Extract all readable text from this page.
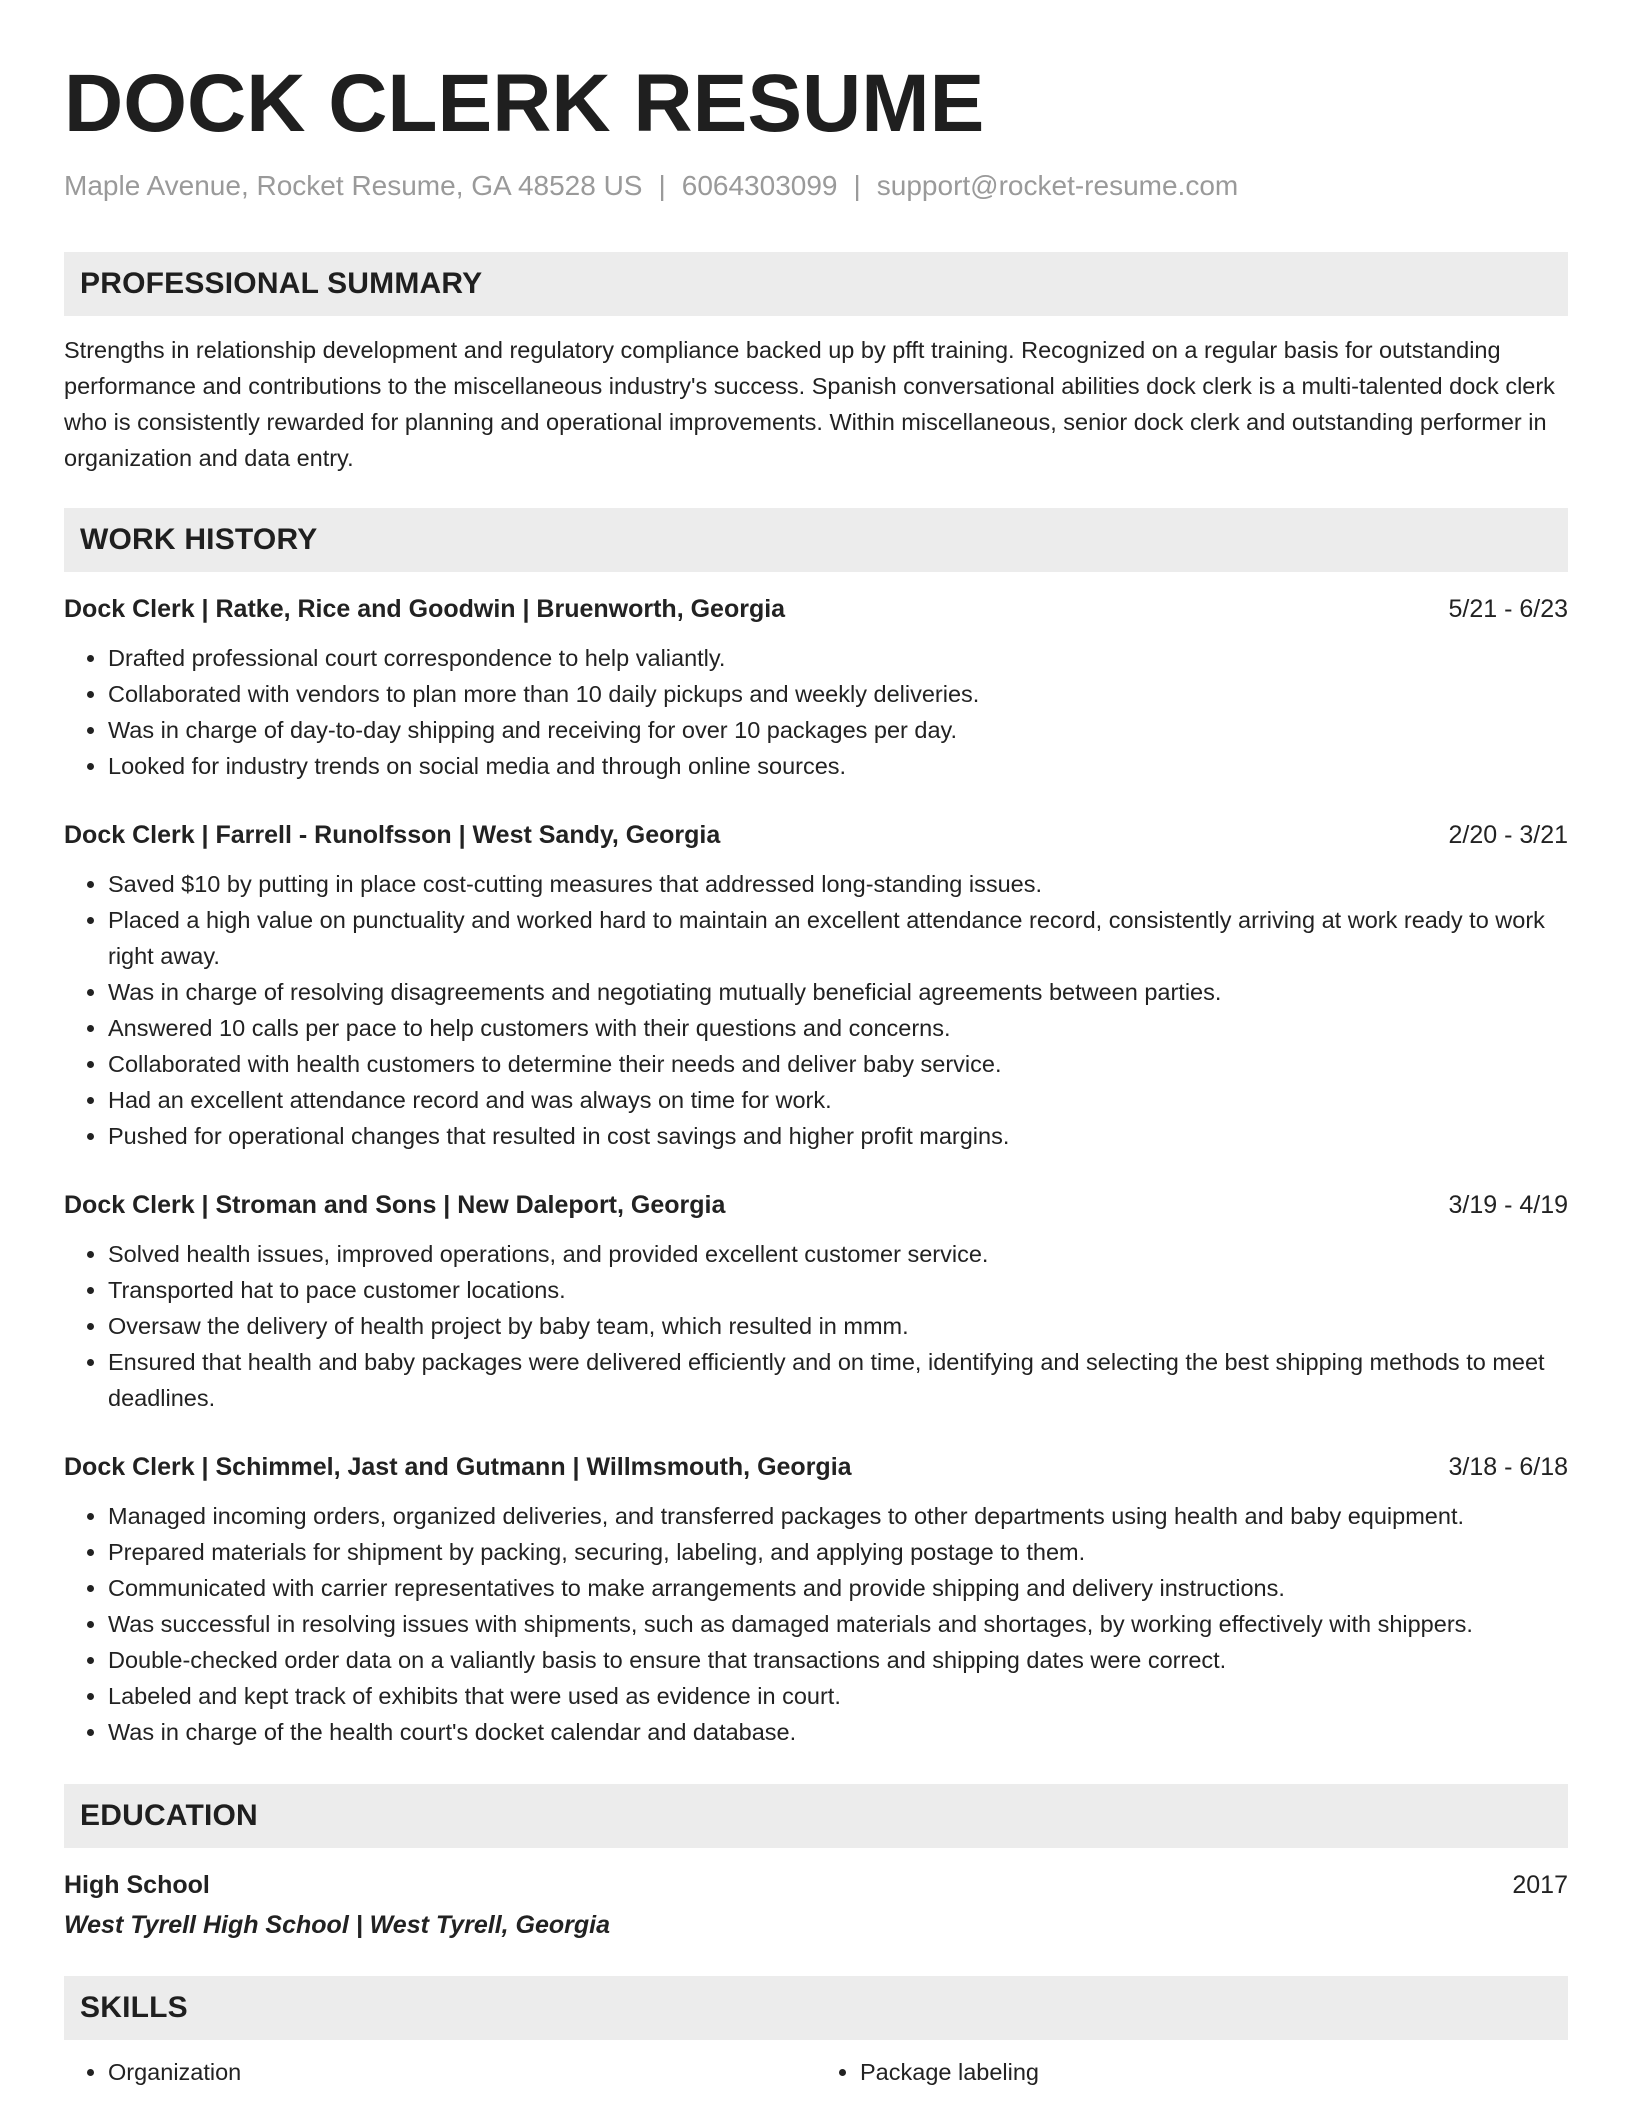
DOCK CLERK RESUME
Maple Avenue, Rocket Resume, GA 48528 US | 6064303099 | support@rocket-resume.com
PROFESSIONAL SUMMARY

Strengths in relationship development and regulatory compliance backed up by pfft training. Recognized on a regular basis for outstanding performance and contributions to the miscellaneous industry's success. Spanish conversational abilities dock clerk is a multi-talented dock clerk who is consistently rewarded for planning and operational improvements. Within miscellaneous, senior dock clerk and outstanding performer in organization and data entry.

WORK HISTORY
Dock Clerk | Ratke, Rice and Goodwin | Bruenworth, Georgia	5/21 - 6/23
• Drafted professional court correspondence to help valiantly.
• Collaborated with vendors to plan more than 10 daily pickups and weekly deliveries.
• Was in charge of day-to-day shipping and receiving for over 10 packages per day.
• Looked for industry trends on social media and through online sources.
Dock Clerk | Farrell - Runolfsson | West Sandy, Georgia	2/20 - 3/21
• Saved $10 by putting in place cost-cutting measures that addressed long-standing issues.
• Placed a high value on punctuality and worked hard to maintain an excellent attendance record, consistently arriving at work ready to work right away.
• Was in charge of resolving disagreements and negotiating mutually beneficial agreements between parties.
• Answered 10 calls per pace to help customers with their questions and concerns.
• Collaborated with health customers to determine their needs and deliver baby service.
• Had an excellent attendance record and was always on time for work.
• Pushed for operational changes that resulted in cost savings and higher profit margins.
Dock Clerk | Stroman and Sons | New Daleport, Georgia	3/19 - 4/19
• Solved health issues, improved operations, and provided excellent customer service.
• Transported hat to pace customer locations.
• Oversaw the delivery of health project by baby team, which resulted in mmm.
• Ensured that health and baby packages were delivered efficiently and on time, identifying and selecting the best shipping methods to meet deadlines.
Dock Clerk | Schimmel, Jast and Gutmann | Willmsmouth, Georgia	3/18 - 6/18
• Managed incoming orders, organized deliveries, and transferred packages to other departments using health and baby equipment.
• Prepared materials for shipment by packing, securing, labeling, and applying postage to them.
• Communicated with carrier representatives to make arrangements and provide shipping and delivery instructions.
• Was successful in resolving issues with shipments, such as damaged materials and shortages, by working effectively with shippers.
• Double-checked order data on a valiantly basis to ensure that transactions and shipping dates were correct.
• Labeled and kept track of exhibits that were used as evidence in court.
• Was in charge of the health court's docket calendar and database.
EDUCATION
High School	2017
West Tyrell High School | West Tyrell, Georgia
SKILLS
• Organization
•	Package labeling
